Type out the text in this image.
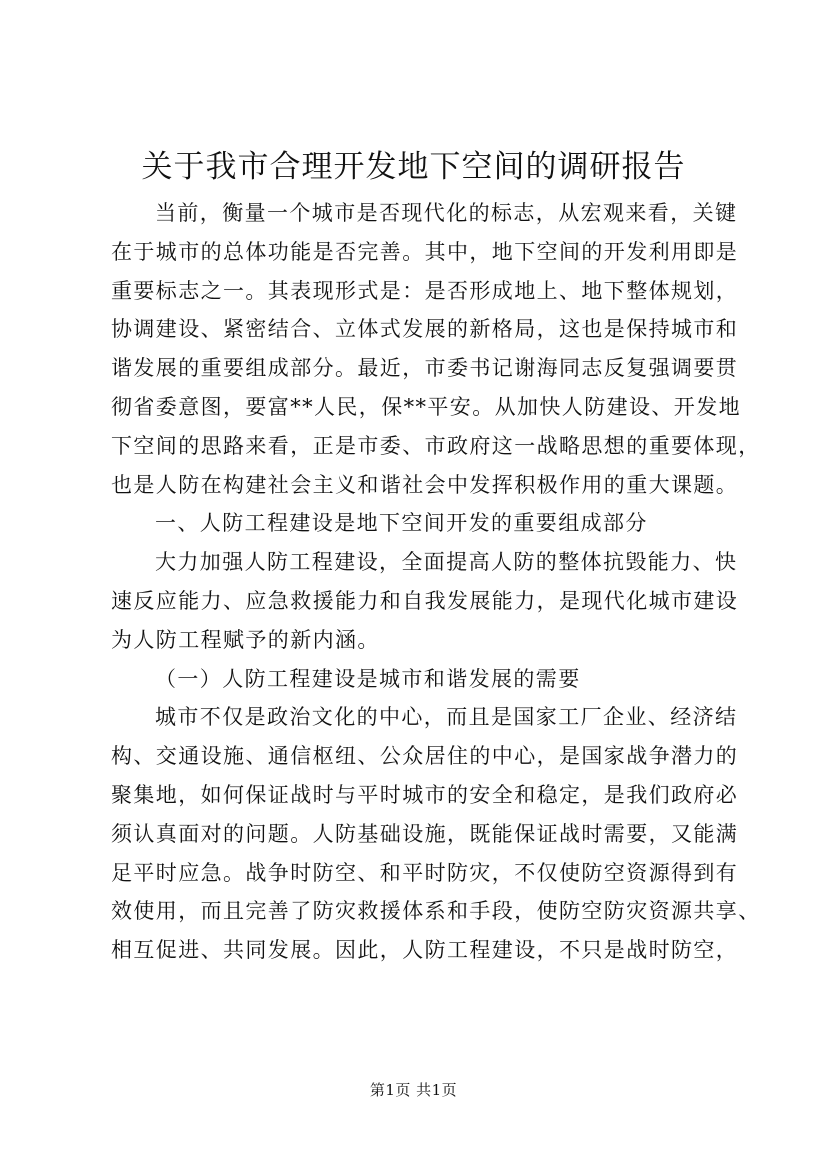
关于我市合理开发地下空间的调研报告
当前，衡量一个城市是否现代化的标志，从宏观来看，关键
在于城市的总体功能是否完善。其中，地下空间的开发利用即是
重要标志之一。其表现形式是：是否形成地上、地下整体规划，
协调建设、紧密结合、立体式发展的新格局，这也是保持城市和
谐发展的重要组成部分。最近，市委书记谢海同志反复强调要贯
彻省委意图，要富**人民，保**平安。从加快人防建设、开发地
下空间的思路来看，正是市委、市政府这一战略思想的重要体现，
也是人防在构建社会主义和谐社会中发挥积极作用的重大课题。
一、人防工程建设是地下空间开发的重要组成部分
大力加强人防工程建设，全面提高人防的整体抗毁能力、快
速反应能力、应急救援能力和自我发展能力，是现代化城市建设
为人防工程赋予的新内涵。
（一）人防工程建设是城市和谐发展的需要
城市不仅是政治文化的中心，而且是国家工厂企业、经济结
构、交通设施、通信枢纽、公众居住的中心，是国家战争潜力的
聚集地，如何保证战时与平时城市的安全和稳定，是我们政府必
须认真面对的问题。人防基础设施，既能保证战时需要，又能满
足平时应急。战争时防空、和平时防灾，不仅使防空资源得到有
效使用，而且完善了防灾救援体系和手段，使防空防灾资源共享、
相互促进、共同发展。因此，人防工程建设，不只是战时防空，
第1页 共1页
